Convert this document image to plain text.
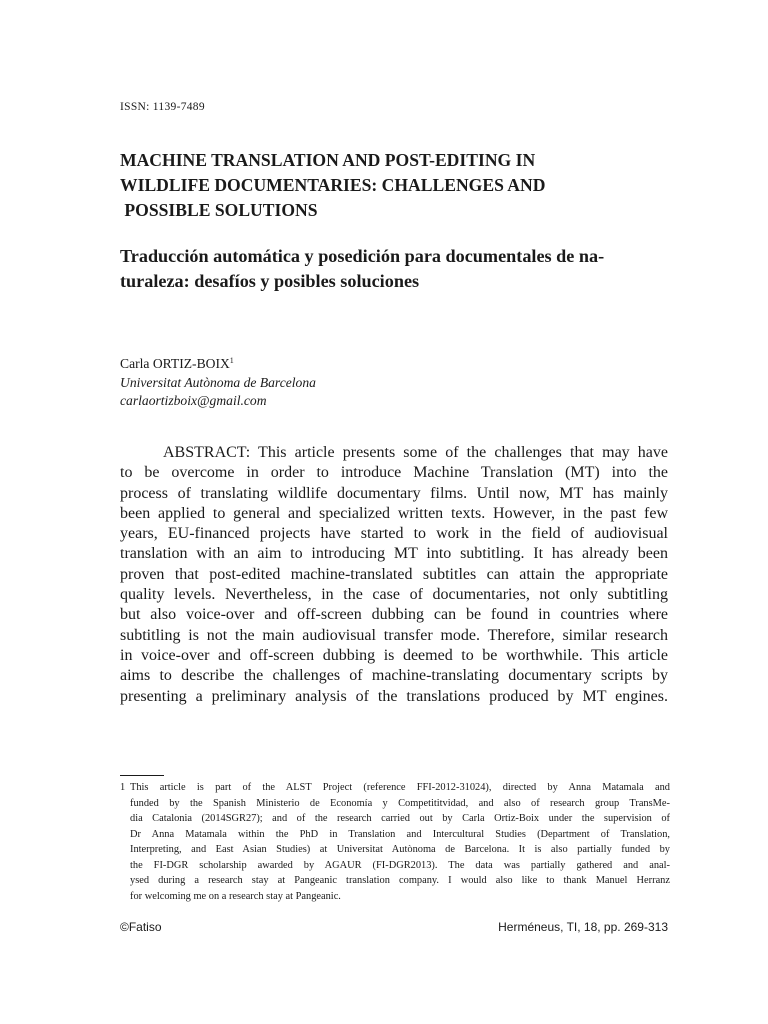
ISSN: 1139-7489
MACHINE TRANSLATION AND POST-EDITING IN
WILDLIFE DOCUMENTARIES: CHALLENGES AND
POSSIBLE SOLUTIONS
Traducción automática y posedición para documentales de na-
turaleza: desafíos y posibles soluciones
Carla ORTIZ-BOIX$^1$
Universitat Autònoma de Barcelona
carlaortizboix@gmail.com
ABSTRACT: This article presents some of the challenges that may have
to be overcome in order to introduce Machine Translation (MT) into the
process of translating wildlife documentary films. Until now, MT has mainly
been applied to general and specialized written texts. However, in the past few
years, EU-financed projects have started to work in the field of audiovisual
translation with an aim to introducing MT into subtitling. It has already been
proven that post-edited machine-translated subtitles can attain the appropriate
quality levels. Nevertheless, in the case of documentaries, not only subtitling
but also voice-over and off-screen dubbing can be found in countries where
subtitling is not the main audiovisual transfer mode. Therefore, similar research
in voice-over and off-screen dubbing is deemed to be worthwhile. This article
aims to describe the challenges of machine-translating documentary scripts by
presenting a preliminary analysis of the translations produced by MT engines.
1 This article is part of the ALST Project (reference FFI-2012-31024), directed by Anna Matamala and
funded by the Spanish Ministerio de Economía y Competititvidad, and also of research group TransMe-
dia Catalonia (2014SGR27); and of the research carried out by Carla Ortiz-Boix under the supervision of
Dr Anna Matamala within the PhD in Translation and Intercultural Studies (Department of Translation,
Interpreting, and East Asian Studies) at Universitat Autònoma de Barcelona. It is also partially funded by
the FI-DGR scholarship awarded by AGAUR (FI-DGR2013). The data was partially gathered and anal-
ysed during a research stay at Pangeanic translation company. I would also like to thank Manuel Herranz
for welcoming me on a research stay at Pangeanic.
©Fatiso	Herméneus, TI, 18, pp. 269-313
